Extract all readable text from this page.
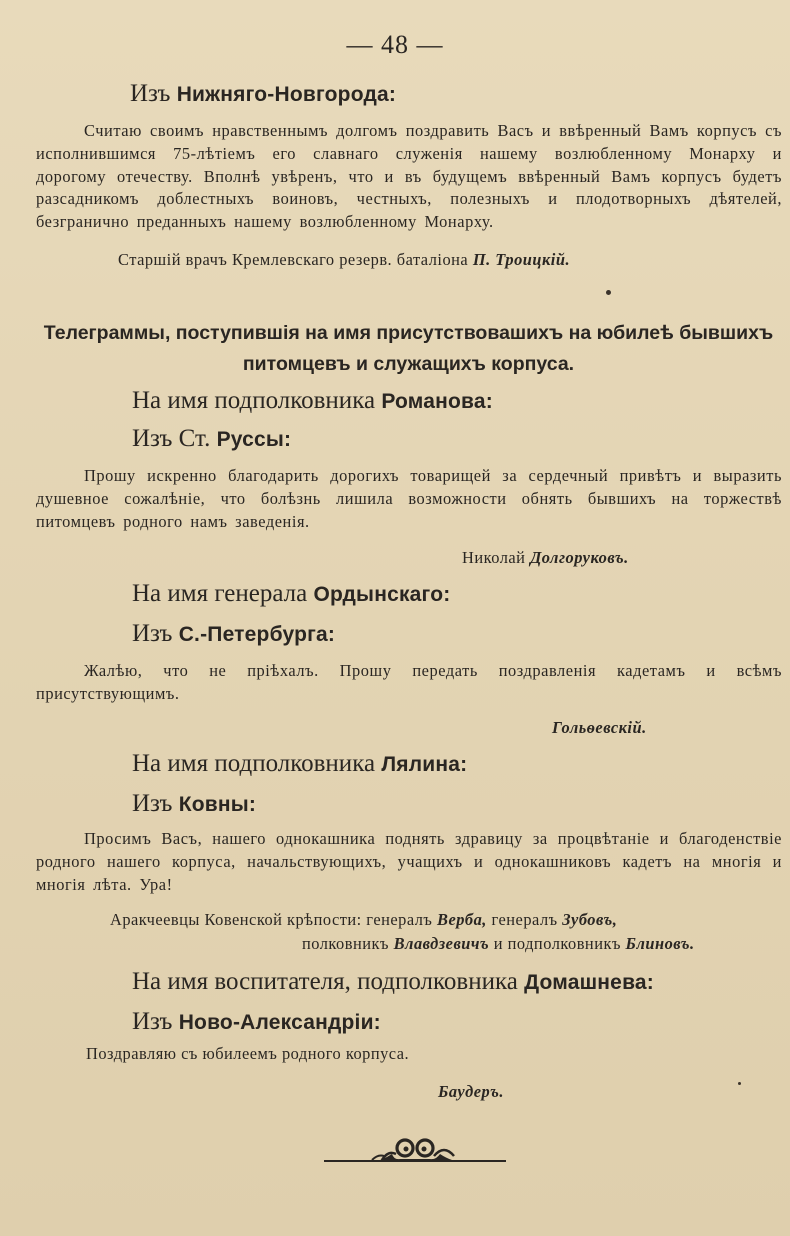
— 48 —
Изъ Нижняго-Новгорода:
Считаю своимъ нравственнымъ долгомъ поздравить Васъ и ввѣренный Вамъ корпусъ съ исполнившимся 75-лѣтіемъ его славнаго служенія нашему возлюбленному Монарху и дорогому отечеству. Вполнѣ увѣренъ, что и въ будущемъ ввѣренный Вамъ корпусъ будетъ разсадникомъ доблестныхъ воиновъ, честныхъ, полезныхъ и плодотворныхъ дѣятелей, безгранично преданныхъ нашему возлюбленному Монарху.
Старшій врачъ Кремлевскаго резерв. баталіона П. Троицкій.
Телеграммы, поступившія на имя присутствовашихъ на юбилеѣ бывшихъ
питомцевъ и служащихъ корпуса.
На имя подполковника Романова:
Изъ Ст. Руссы:
Прошу искренно благодарить дорогихъ товарищей за сердечный привѣтъ и выразить душевное сожалѣніе, что болѣзнь лишила возможности обнять бывшихъ на торжествѣ питомцевъ родного намъ заведенія.
Николай Долгоруковъ.
На имя генерала Ордынскаго:
Изъ С.-Петербурга:
Жалѣю, что не пріѣхалъ. Прошу передать поздравленія кадетамъ и всѣмъ присутствующимъ.
Гольѳевскій.
На имя подполковника Лялина:
Изъ Ковны:
Просимъ Васъ, нашего однокашника поднять здравицу за процвѣтаніе и благоденствіе родного нашего корпуса, начальствующихъ, учащихъ и однокашниковъ кадетъ на многія и многія лѣта. Ура!
Аракчеевцы Ковенской крѣпости: генералъ Верба, генералъ Зубовъ,
полковникъ Влавдзевичъ и подполковникъ Блиновъ.
На имя воспитателя, подполковника Домашнева:
Изъ Ново-Александріи:
Поздравляю съ юбилеемъ родного корпуса.
Баудеръ.
